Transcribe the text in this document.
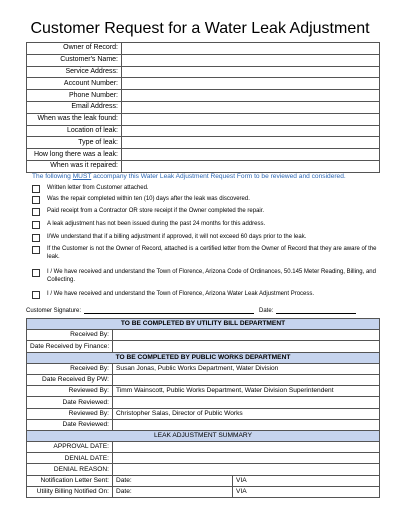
Customer Request for a Water Leak Adjustment
Owner of Record:	
Customer's Name:	
Service Address:	
Account Number:	
Phone Number:	
Email Address:	
When was the leak found:	
Location of leak:	
Type of leak:	
How long there was a leak:	
When was it repaired:	
The following MUST accompany this Water Leak Adjustment Request Form to be reviewed and considered.
Written letter from Customer attached.
Was the repair completed within ten (10) days after the leak was discovered.
Paid receipt from a Contractor OR store receipt if the Owner completed the repair.
A leak adjustment has not been issued during the past 24 months for this address.
I/We understand that if a billing adjustment if approved, it will not exceed 60 days prior to the leak.
If the Customer is not the Owner of Record, attached is a certified letter from the Owner of Record that they are aware of the leak.
I / We have received and understand the Town of Florence, Arizona Code of Ordinances, 50.145 Meter Reading, Billing, and Collecting.
I / We have received and understand the Town of Florence, Arizona Water Leak Adjustment Process.
Customer Signature:	Date:
TO BE COMPLETED BY UTILITY BILL DEPARTMENT		
Received By:		
Date Received by Finance:		
TO BE COMPLETED BY PUBLIC WORKS DEPARTMENT		
Received By:	Susan Jonas, Public Works Department, Water Division	
Date Received By PW:		
Reviewed By:	Timm Wainscott, Public Works Department, Water Division Superintendent	
Date Reviewed:		
Reviewed By:	Christopher Salas, Director of Public Works	
Date Reviewed:		
LEAK ADJUSTMENT SUMMARY		
APPROVAL DATE:		
DENIAL DATE:		
DENIAL REASON:		
Notification Letter Sent:	Date:	VIA
Utility Billing Notified On:	Date:	VIA
